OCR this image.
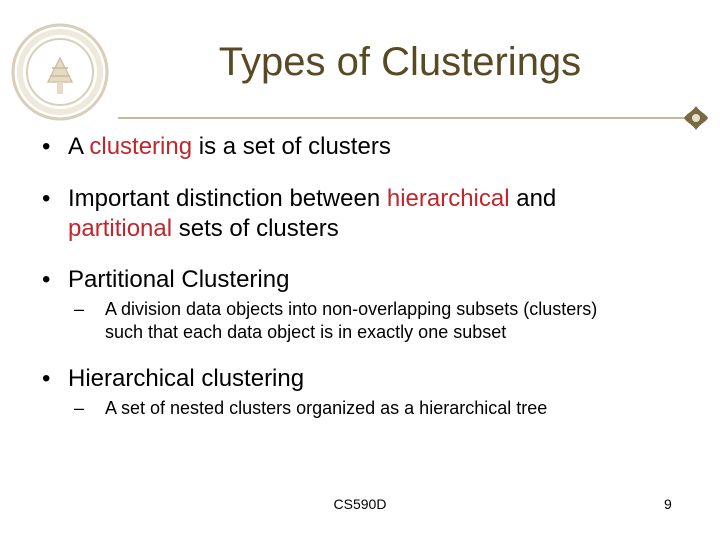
Types of Clusterings
• A clustering is a set of clusters
• Important distinction between hierarchical and
partitional sets of clusters
• Partitional Clustering
– A division data objects into non-overlapping subsets (clusters)
such that each data object is in exactly one subset
• Hierarchical clustering
– A set of nested clusters organized as a hierarchical tree
CS590D	9
